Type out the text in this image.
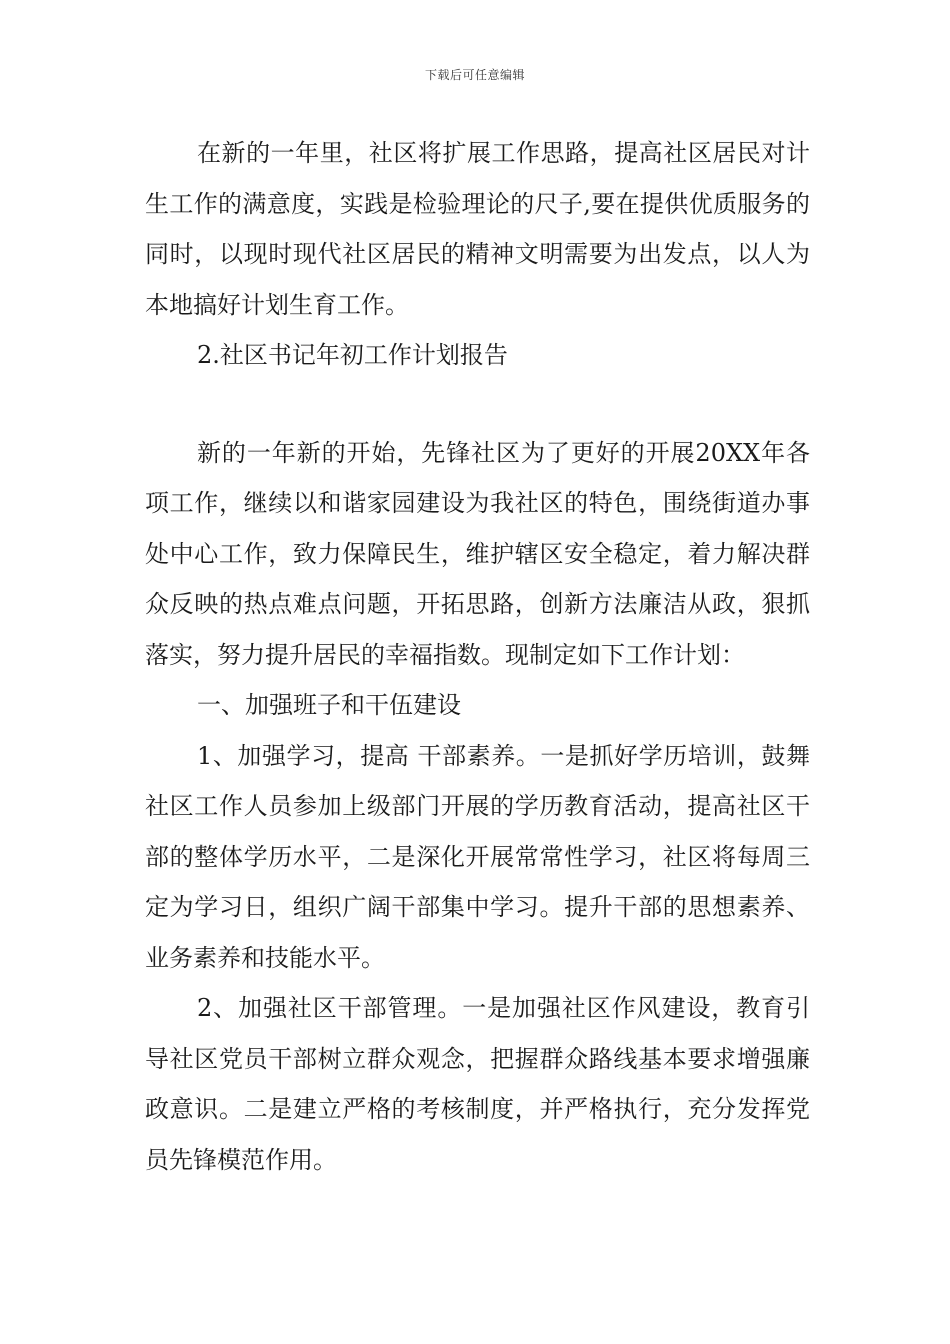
下载后可任意编辑

在新的一年里，社区将扩展工作思路，提高社区居民对计生工作的满意度，实践是检验理论的尺子,要在提供优质服务的同时，以现时现代社区居民的精神文明需要为出发点，以人为本地搞好计划生育工作。

2.社区书记年初工作计划报告

新的一年新的开始，先锋社区为了更好的开展20XX年各项工作，继续以和谐家园建设为我社区的特色，围绕街道办事处中心工作，致力保障民生，维护辖区安全稳定，着力解决群众反映的热点难点问题，开拓思路，创新方法廉洁从政，狠抓落实，努力提升居民的幸福指数。现制定如下工作计划：

一、加强班子和干伍建设

1、加强学习，提高 干部素养。一是抓好学历培训，鼓舞社区工作人员参加上级部门开展的学历教育活动，提高社区干部的整体学历水平，二是深化开展常常性学习，社区将每周三定为学习日，组织广阔干部集中学习。提升干部的思想素养、业务素养和技能水平。

2、加强社区干部管理。一是加强社区作风建设，教育引导社区党员干部树立群众观念，把握群众路线基本要求增强廉政意识。二是建立严格的考核制度，并严格执行，充分发挥党员先锋模范作用。
